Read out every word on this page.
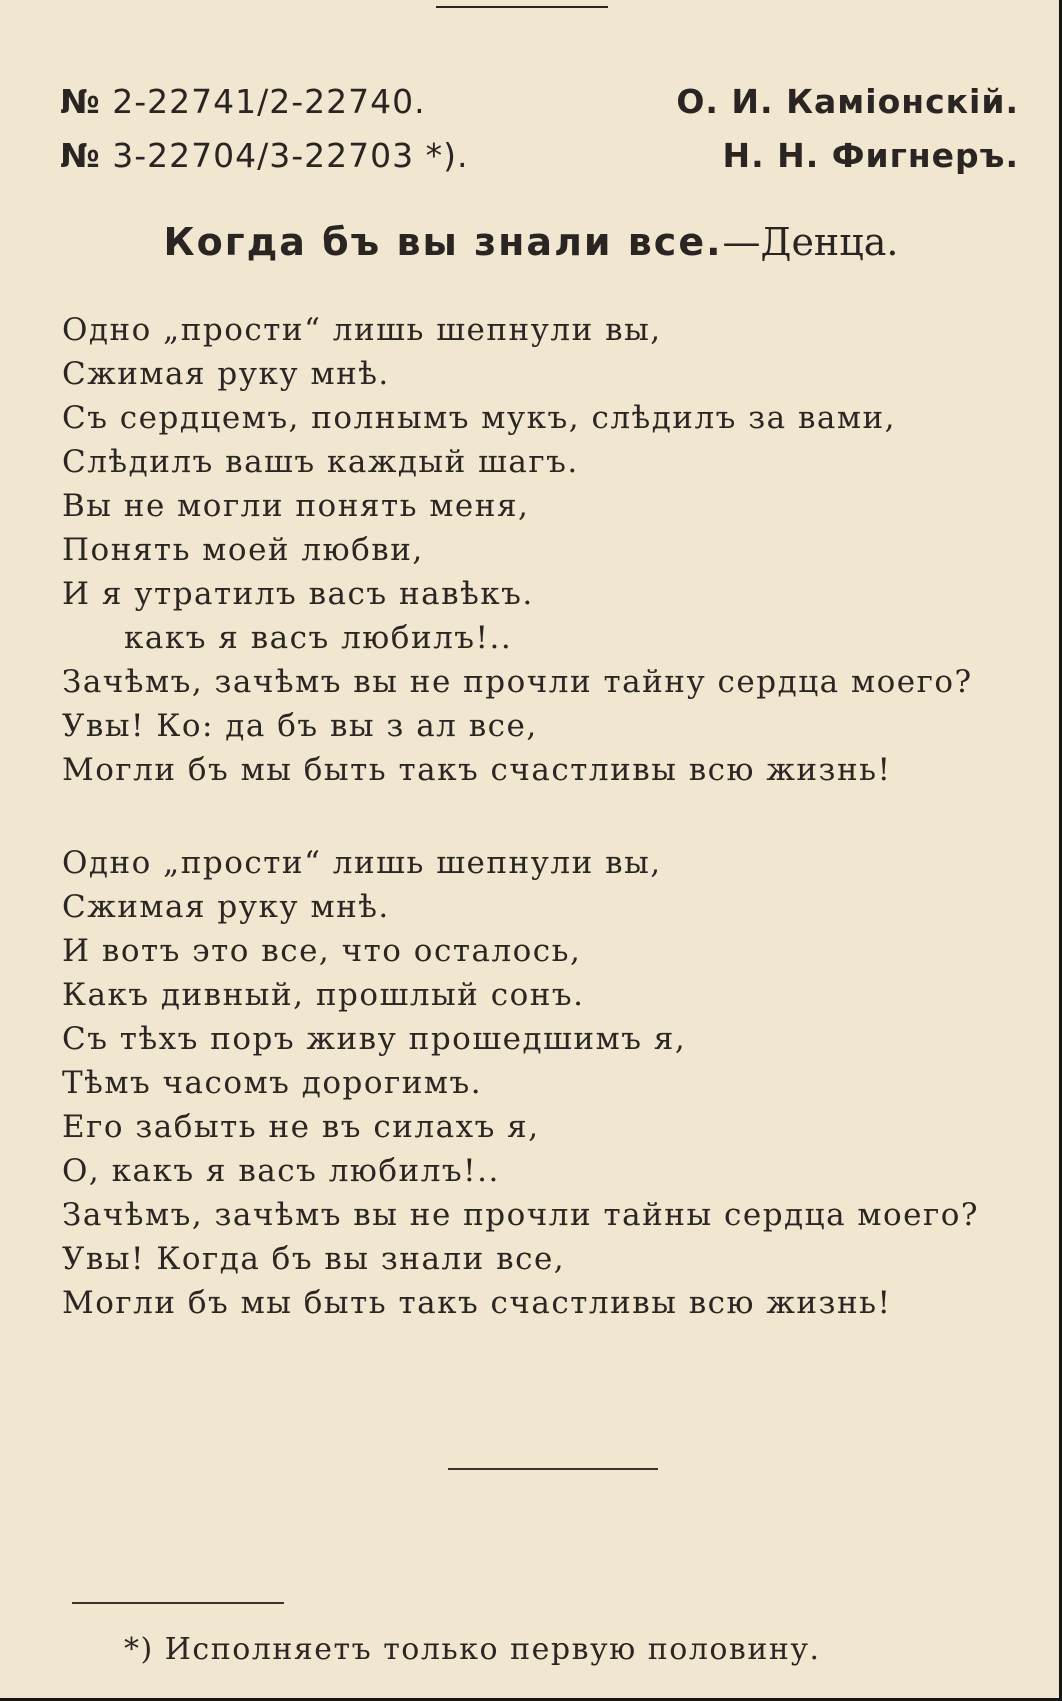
№ 2-22741/2-22740.	О. И. Каміонскій.
№ 3-22704/3-22703 *).	Н. Н. Фигнеръ.
Когда бъ вы знали все.—Денца.
Одно „прости“ лишь шепнули вы,
Сжимая руку мнѣ.
Съ сердцемъ, полнымъ мукъ, слѣдилъ за вами,
Слѣдилъ вашъ каждый шагъ.
Вы не могли понять меня,
Понять моей любви,
И я утратилъ васъ навѣкъ.
какъ я васъ любилъ!..
Зачѣмъ, зачѣмъ вы не прочли тайну сердца моего?
Увы! Ко: да бъ вы з ал все,
Могли бъ мы быть такъ счастливы всю жизнь!
Одно „прости“ лишь шепнули вы,
Сжимая руку мнѣ.
И вотъ это все, что осталось,
Какъ дивный, прошлый сонъ.
Съ тѣхъ поръ живу прошедшимъ я,
Тѣмъ часомъ дорогимъ.
Его забыть не въ силахъ я,
О, какъ я васъ любилъ!..
Зачѣмъ, зачѣмъ вы не прочли тайны сердца моего?
Увы! Когда бъ вы знали все,
Могли бъ мы быть такъ счастливы всю жизнь!
*) Исполняетъ только первую половину.
